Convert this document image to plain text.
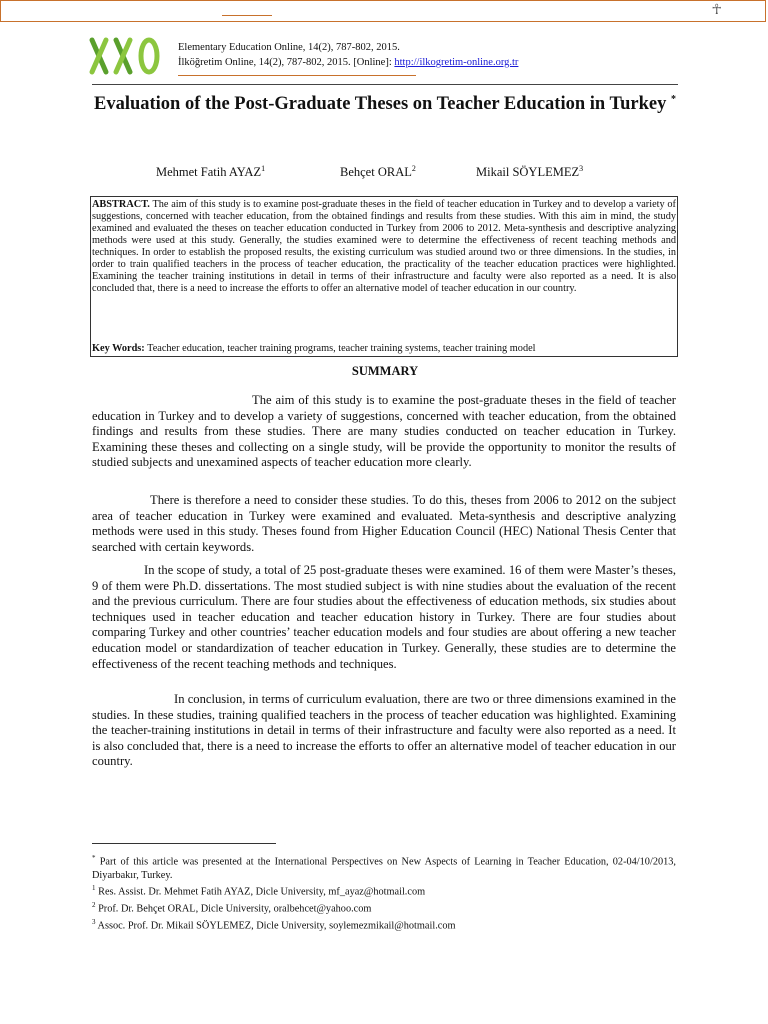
☥
Elementary Education Online, 14(2), 787-802, 2015.
İlköğretim Online, 14(2), 787-802, 2015. [Online]: http://ilkogretim-online.org.tr
Evaluation of the Post-Graduate Theses on Teacher Education in Turkey *
Mehmet Fatih AYAZ$^1$	Behçet ORAL$^2$	Mikail SÖYLEMEZ$^3$
ABSTRACT. The aim of this study is to examine post-graduate theses in the field of teacher education in Turkey and to develop a variety of suggestions, concerned with teacher education, from the obtained findings and results from these studies. With this aim in mind, the study examined and evaluated the theses on teacher education conducted in Turkey from 2006 to 2012. Meta-synthesis and descriptive analyzing methods were used at this study. Generally, the studies examined were to determine the effectiveness of recent teaching methods and techniques. In order to establish the proposed results, the existing curriculum was studied around two or three dimensions. In the studies, in order to train qualified teachers in the process of teacher education, the practicality of the teacher education practices were highlighted. Examining the teacher training institutions in detail in terms of their infrastructure and faculty were also reported as a need. It is also concluded that, there is a need to increase the efforts to offer an alternative model of teacher education in our country.
Key Words: Teacher education, teacher training programs, teacher training systems, teacher training model
SUMMARY
The aim of this study is to examine the post-graduate theses in the field of teacher education in Turkey and to develop a variety of suggestions, concerned with teacher education, from the obtained findings and results from these studies. There are many studies conducted on teacher education in Turkey. Examining these theses and collecting on a single study, will be provide the opportunity to monitor the results of studied subjects and unexamined aspects of teacher education more clearly.
There is therefore a need to consider these studies. To do this, theses from 2006 to 2012 on the subject area of teacher education in Turkey were examined and evaluated. Meta-synthesis and descriptive analyzing methods were used in this study. Theses found from Higher Education Council (HEC) National Thesis Center that searched with certain keywords.
In the scope of study, a total of 25 post-graduate theses were examined. 16 of them were Master’s theses, 9 of them were Ph.D. dissertations. The most studied subject is with nine studies about the evaluation of the recent and the previous curriculum. There are four studies about the effectiveness of education methods, six studies about techniques used in teacher education and teacher education history in Turkey. There are four studies about comparing Turkey and other countries’ teacher education models and four studies are about offering a new teacher education model or standardization of teacher education in Turkey. Generally, these studies are to determine the effectiveness of the recent teaching methods and techniques.
In conclusion, in terms of curriculum evaluation, there are two or three dimensions examined in the studies. In these studies, training qualified teachers in the process of teacher education was highlighted. Examining the teacher-training institutions in detail in terms of their infrastructure and faculty were also reported as a need. It is also concluded that, there is a need to increase the efforts to offer an alternative model of teacher education in our country.
* Part of this article was presented at the International Perspectives on New Aspects of Learning in Teacher Education, 02-04/10/2013, Diyarbakır, Turkey.
$^1$ Res. Assist. Dr. Mehmet Fatih AYAZ, Dicle University, mf_ayaz@hotmail.com
$^2$ Prof. Dr. Behçet ORAL, Dicle University, oralbehcet@yahoo.com
$^3$ Assoc. Prof. Dr. Mikail SÖYLEMEZ, Dicle University, soylemezmikail@hotmail.com
